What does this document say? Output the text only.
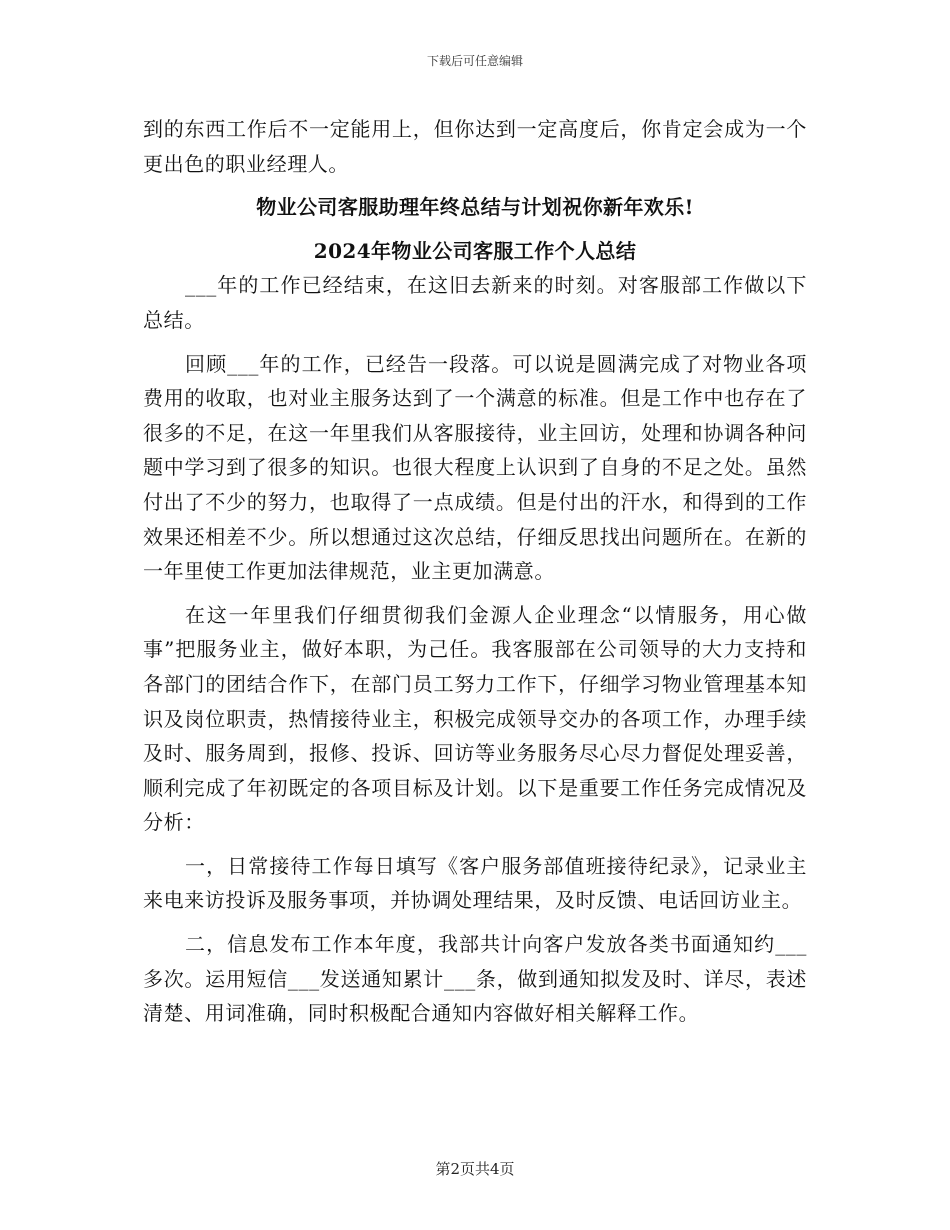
下载后可任意编辑

到的东西工作后不一定能用上，但你达到一定高度后，你肯定会成为一个更出色的职业经理人。

物业公司客服助理年终总结与计划祝你新年欢乐!

2024年物业公司客服工作个人总结

___年的工作已经结束，在这旧去新来的时刻。对客服部工作做以下总结。

回顾___年的工作，已经告一段落。可以说是圆满完成了对物业各项费用的收取，也对业主服务达到了一个满意的标准。但是工作中也存在了很多的不足，在这一年里我们从客服接待，业主回访，处理和协调各种问题中学习到了很多的知识。也很大程度上认识到了自身的不足之处。虽然付出了不少的努力，也取得了一点成绩。但是付出的汗水，和得到的工作效果还相差不少。所以想通过这次总结，仔细反思找出问题所在。在新的一年里使工作更加法律规范，业主更加满意。

在这一年里我们仔细贯彻我们金源人企业理念“以情服务，用心做事”把服务业主，做好本职，为己任。我客服部在公司领导的大力支持和各部门的团结合作下，在部门员工努力工作下，仔细学习物业管理基本知识及岗位职责，热情接待业主，积极完成领导交办的各项工作，办理手续及时、服务周到，报修、投诉、回访等业务服务尽心尽力督促处理妥善，顺利完成了年初既定的各项目标及计划。以下是重要工作任务完成情况及分析：

一，日常接待工作每日填写《客户服务部值班接待纪录》，记录业主来电来访投诉及服务事项，并协调处理结果，及时反馈、电话回访业主。

二，信息发布工作本年度，我部共计向客户发放各类书面通知约___多次。运用短信___发送通知累计___条，做到通知拟发及时、详尽，表述清楚、用词准确，同时积极配合通知内容做好相关解释工作。

第2页共4页
